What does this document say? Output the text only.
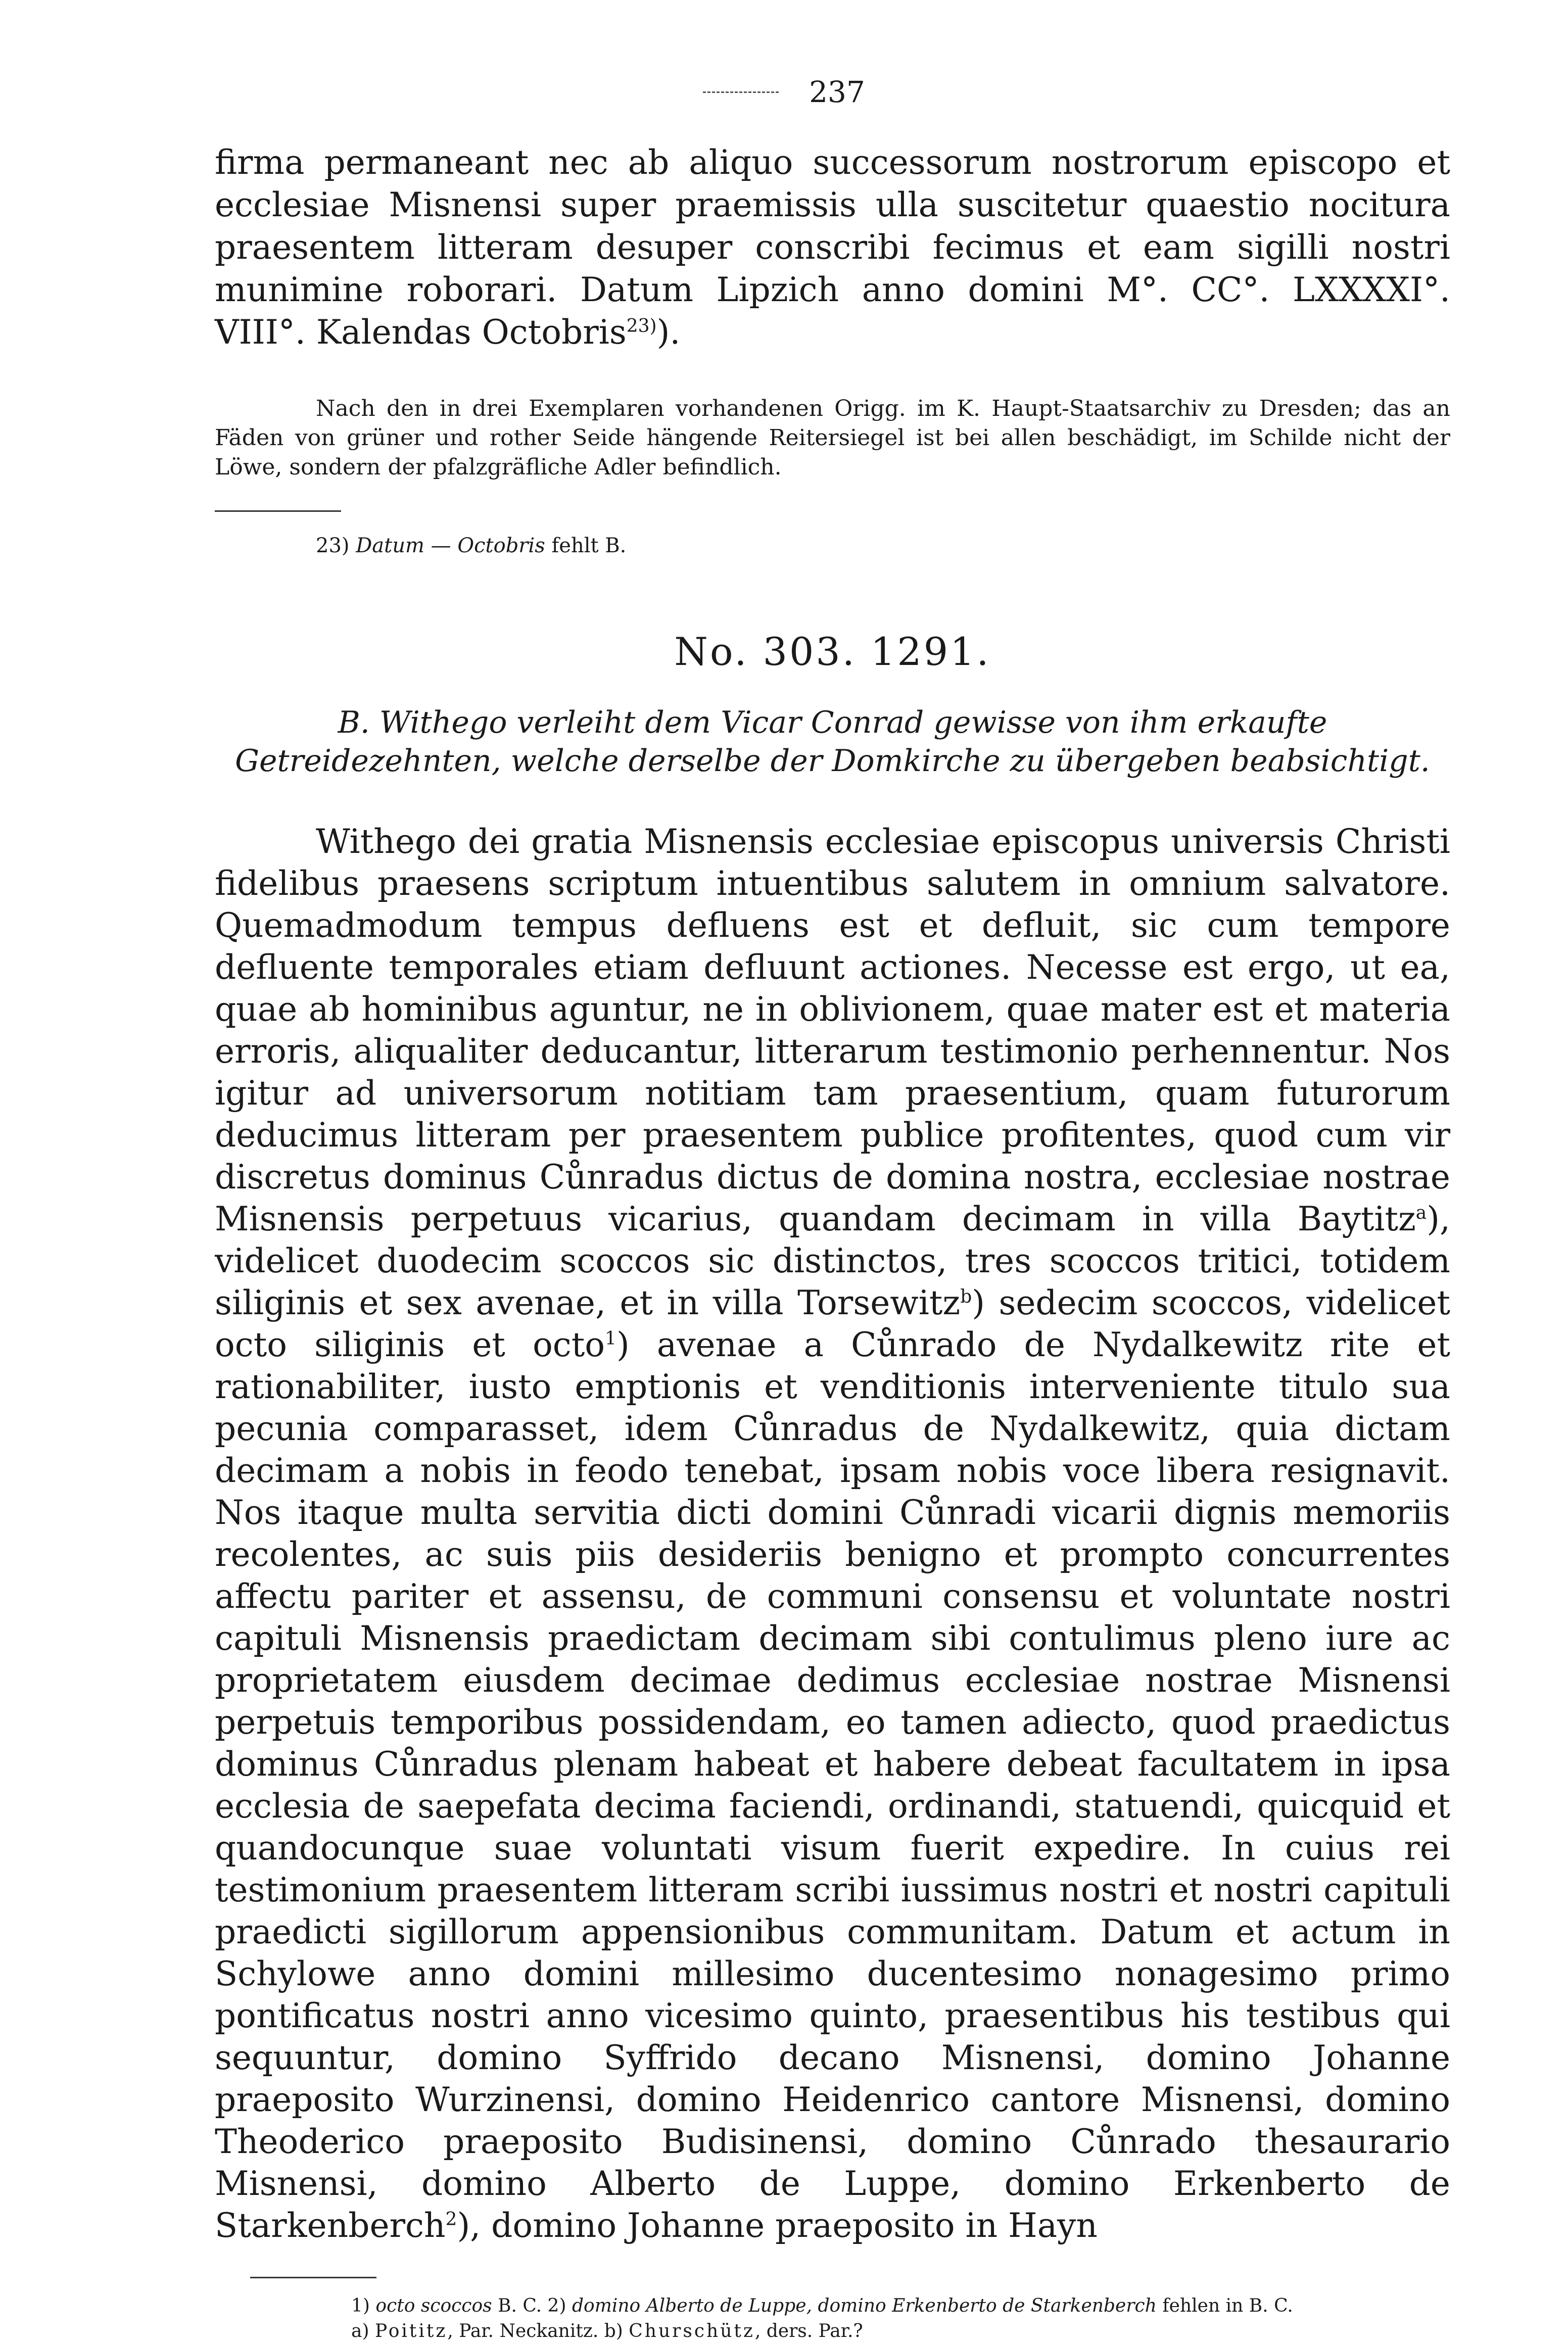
237

firma permaneant nec ab aliquo successorum nostrorum episcopo et ecclesiae Misnensi super praemissis ulla suscitetur quaestio nocitura praesentem litteram desuper conscribi fecimus et eam sigilli nostri munimine roborari. Datum Lipzich anno domini M°. CC°. LXXXXI°. VIII°. Kalendas Octobris$^{23)}$).

Nach den in drei Exemplaren vorhandenen Origg. im K. Haupt-Staatsarchiv zu Dresden; das an Fäden von grüner und rother Seide hängende Reitersiegel ist bei allen beschädigt, im Schilde nicht der Löwe, sondern der pfalzgräfliche Adler befindlich.

23) Datum — Octobris fehlt B.

No. 303. 1291.

B. Withego verleiht dem Vicar Conrad gewisse von ihm erkaufte Getreidezehnten, welche derselbe der Domkirche zu übergeben beabsichtigt.

Withego dei gratia Misnensis ecclesiae episcopus universis Christi fidelibus praesens scriptum intuentibus salutem in omnium salvatore. Quemadmodum tempus defluens est et defluit, sic cum tempore defluente temporales etiam defluunt actiones. Necesse est ergo, ut ea, quae ab hominibus aguntur, ne in oblivionem, quae mater est et materia erroris, aliqualiter deducantur, litterarum testimonio perhennentur. Nos igitur ad universorum notitiam tam praesentium, quam futurorum deducimus litteram per praesentem publice profitentes, quod cum vir discretus dominus Cůnradus dictus de domina nostra, ecclesiae nostrae Misnensis perpetuus vicarius, quandam decimam in villa Baytitz$^a$), videlicet duodecim scoccos sic distinctos, tres scoccos tritici, totidem siliginis et sex avenae, et in villa Torsewitz$^b$) sedecim scoccos, videlicet octo siliginis et octo$^1$) avenae a Cůnrado de Nydalkewitz rite et rationabiliter, iusto emptionis et venditionis interveniente titulo sua pecunia comparasset, idem Cůnradus de Nydalkewitz, quia dictam decimam a nobis in feodo tenebat, ipsam nobis voce libera resignavit. Nos itaque multa servitia dicti domini Cůnradi vicarii dignis memoriis recolentes, ac suis piis desideriis benigno et prompto concurrentes affectu pariter et assensu, de communi consensu et voluntate nostri capituli Misnensis praedictam decimam sibi contulimus pleno iure ac proprietatem eiusdem decimae dedimus ecclesiae nostrae Misnensi perpetuis temporibus possidendam, eo tamen adiecto, quod praedictus dominus Cůnradus plenam habeat et habere debeat facultatem in ipsa ecclesia de saepefata decima faciendi, ordinandi, statuendi, quicquid et quandocunque suae voluntati visum fuerit expedire. In cuius rei testimonium praesentem litteram scribi iussimus nostri et nostri capituli praedicti sigillorum appensionibus communitam. Datum et actum in Schylowe anno domini millesimo ducentesimo nonagesimo primo pontificatus nostri anno vicesimo quinto, praesentibus his testibus qui sequuntur, domino Syffrido decano Misnensi, domino Johanne praeposito Wurzinensi, domino Heidenrico cantore Misnensi, domino Theoderico praeposito Budisinensi, domino Cůnrado thesaurario Misnensi, domino Alberto de Luppe, domino Erkenberto de Starkenberch$^2$), domino Johanne praeposito in Hayn

1) octo scoccos B. C. 2) domino Alberto de Luppe, domino Erkenberto de Starkenberch fehlen in B. C.
a) Poititz, Par. Neckanitz. b) Churschütz, ders. Par.?
